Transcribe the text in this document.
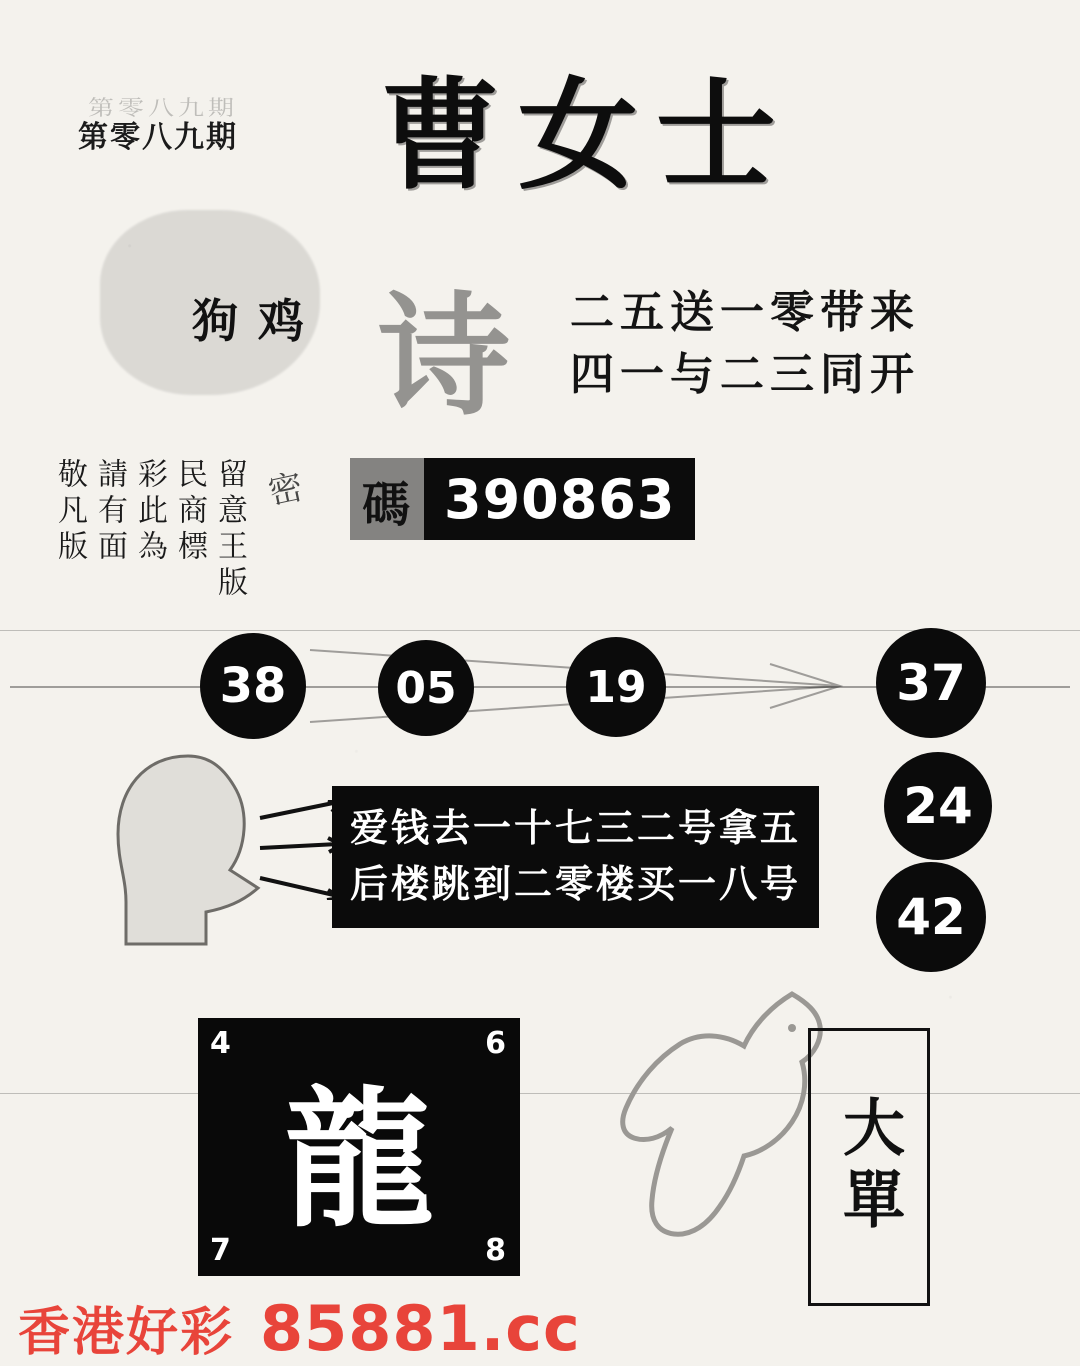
第零八九期
第零八九期 曹女士
狗 鸡 诗 二五送一零带来
四一与二三同开
留意王版
民商標
彩此為
請有面
敬凡版	密 碼 390863
38	05	19	37
24
42
爱钱去一十七三二号拿五
后楼跳到二零楼买一八号
龍
4	6
7	8
大單
香港好彩 85881.cc
